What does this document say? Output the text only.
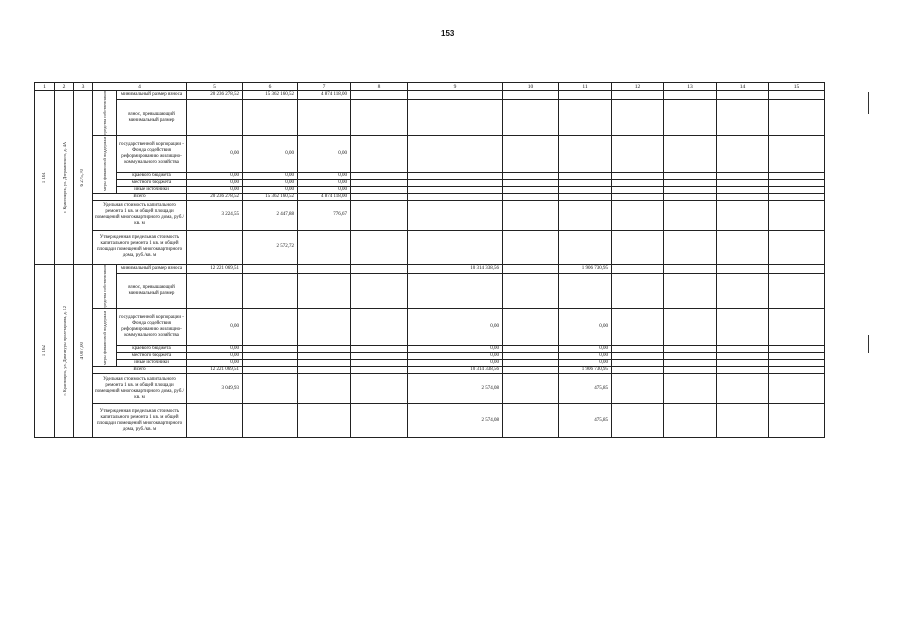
153
1	2	3	4		5	6	7	8	9	10	11	12	13	14	15

1 161	г. Красноярск, ул. Дзержинского, д. 4А	6 275,70	средства собственников	минимальный размер взноса	20 236 278,52	15 362 160,52	4 874 118,00								
				взнос, превышающий минимальный размер											

			меры финансовой поддержки	государственной корпорации - Фонда содействия реформированию жилищно-коммунального хозяйства	0,00	0,00	0,00								
				краевого бюджета	0,00	0,00	0,00								
				местного бюджета	0,00	0,00	0,00								
				иные источники	0,00	0,00	0,00								
			Всего		20 236 278,52	15 362 160,52	4 874 118,00								
			Удельная стоимость капитального ремонта 1 кв. м общей площади помещений многоквартирного дома, руб./кв. м		3 224,55	2 447,88	776,67								
			Утвержденная предельная стоимость капитального ремонта 1 кв. м общей площади помещений многоквартирного дома, руб./кв. м			2 572,72									

1 162	г. Красноярск, ул. Диктатуры пролетариата, д. 12	4 007,00	средства собственников	минимальный размер взноса	12 221 069,51				10 314 338,56		1 906 730,95				
				взнос, превышающий минимальный размер											

			меры финансовой поддержки	государственной корпорации - Фонда содействия реформированию жилищно-коммунального хозяйства	0,00				0,00		0,00				
				краевого бюджета	0,00				0,00		0,00				
				местного бюджета	0,00				0,00		0,00				
				иные источники	0,00				0,00		0,00				
			Всего		12 221 069,51				10 314 338,56		1 906 730,95				
			Удельная стоимость капитального ремонта 1 кв. м общей площади помещений многоквартирного дома, руб./кв. м		3 049,93				2 574,08		475,85				
			Утвержденная предельная стоимость капитального ремонта 1 кв. м общей площади помещений многоквартирного дома, руб./кв. м						2 574,08		475,85				
